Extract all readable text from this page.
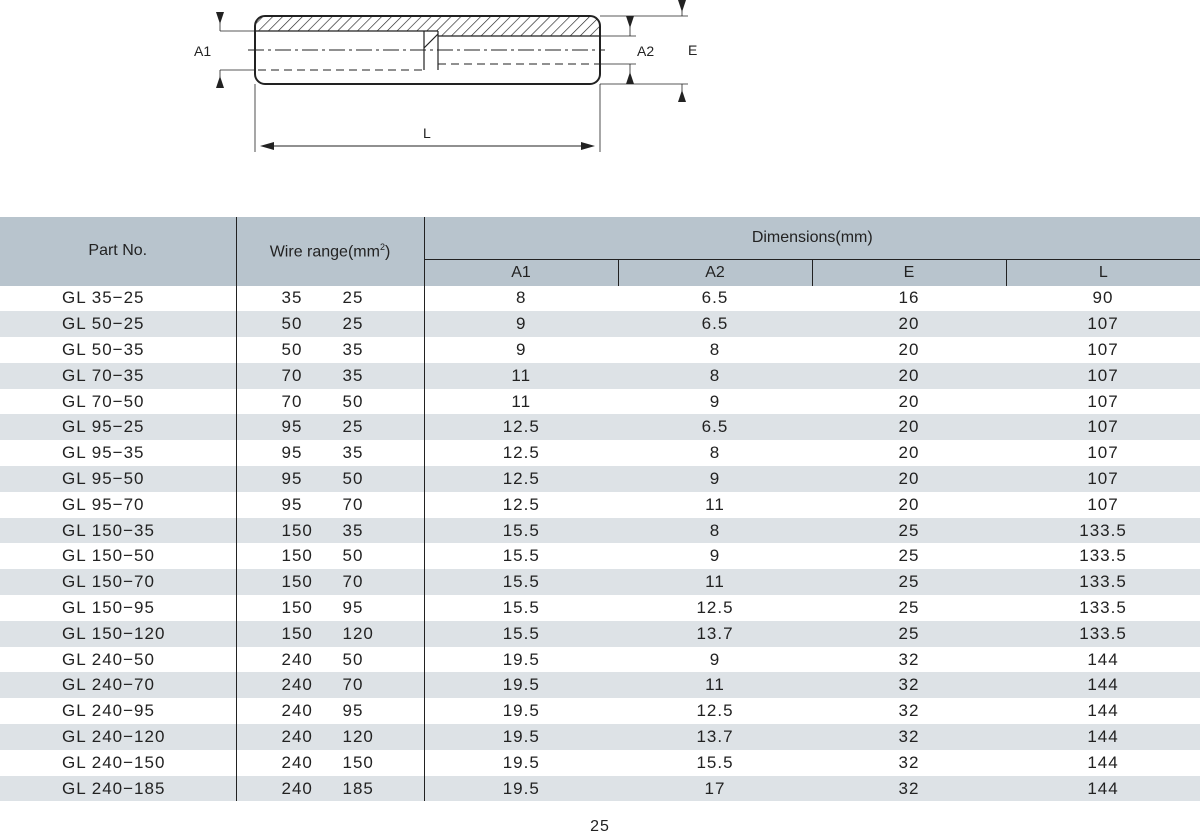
A1	A2 E
L
Part No.	Wire $range(mm^2)$	Dimensions(mm)			
		A1	A2	E	L
GL 35−25	35 25	8	6.5	16	90
GL 50−25	50 25	9	6.5	20	107
GL 50−35	50 35	9	8	20	107
GL 70−35	70 35	11	8	20	107
GL 70−50	70 50	11	9	20	107
GL 95−25	95 25	12.5	6.5	20	107
GL 95−35	95 35	12.5	8	20	107
GL 95−50	95 50	12.5	9	20	107
GL 95−70	95 70	12.5	11	20	107
GL 150−35	150 35	15.5	8	25	133.5
GL 150−50	150 50	15.5	9	25	133.5
GL 150−70	150 70	15.5	11	25	133.5
GL 150−95	150 95	15.5	12.5	25	133.5
GL 150−120	150 120	15.5	13.7	25	133.5
GL 240−50	240 50	19.5	9	32	144
GL 240−70	240 70	19.5	11	32	144
GL 240−95	240 95	19.5	12.5	32	144
GL 240−120	240 120	19.5	13.7	32	144
GL 240−150	240 150	19.5	15.5	32	144
GL 240−185	240 185	19.5	17	32	144
25
